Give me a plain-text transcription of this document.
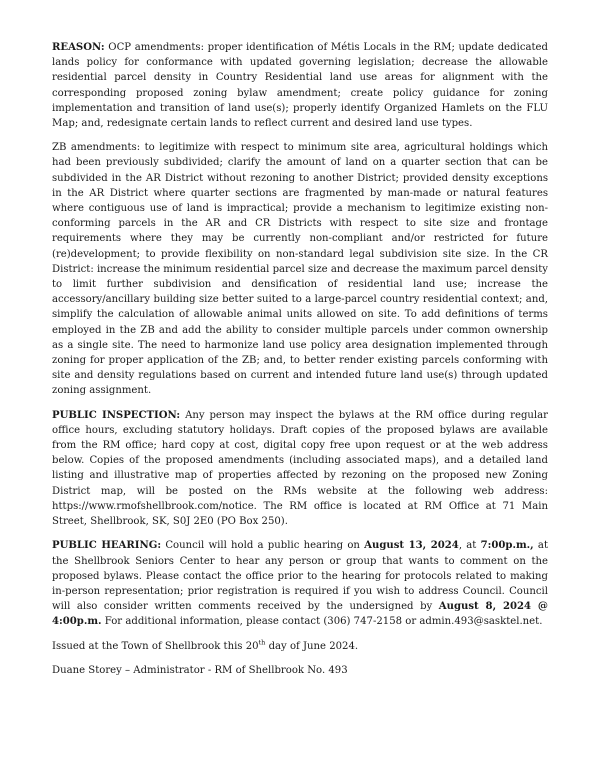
REASON: OCP amendments: proper identification of Métis Locals in the RM; update dedicated lands policy for conformance with updated governing legislation; decrease the allowable residential parcel density in Country Residential land use areas for alignment with the corresponding proposed zoning bylaw amendment; create policy guidance for zoning implementation and transition of land use(s); properly identify Organized Hamlets on the FLU Map; and, redesignate certain lands to reflect current and desired land use types.

ZB amendments: to legitimize with respect to minimum site area, agricultural holdings which had been previously subdivided; clarify the amount of land on a quarter section that can be subdivided in the AR District without rezoning to another District; provided density exceptions in the AR District where quarter sections are fragmented by man-made or natural features where contiguous use of land is impractical; provide a mechanism to legitimize existing non-conforming parcels in the AR and CR Districts with respect to site size and frontage requirements where they may be currently non-compliant and/or restricted for future (re)development; to provide flexibility on non-standard legal subdivision site size. In the CR District: increase the minimum residential parcel size and decrease the maximum parcel density to limit further subdivision and densification of residential land use; increase the accessory/ancillary building size better suited to a large-parcel country residential context; and, simplify the calculation of allowable animal units allowed on site. To add definitions of terms employed in the ZB and add the ability to consider multiple parcels under common ownership as a single site. The need to harmonize land use policy area designation implemented through zoning for proper application of the ZB; and, to better render existing parcels conforming with site and density regulations based on current and intended future land use(s) through updated zoning assignment.

PUBLIC INSPECTION: Any person may inspect the bylaws at the RM office during regular office hours, excluding statutory holidays. Draft copies of the proposed bylaws are available from the RM office; hard copy at cost, digital copy free upon request or at the web address below. Copies of the proposed amendments (including associated maps), and a detailed land listing and illustrative map of properties affected by rezoning on the proposed new Zoning District map, will be posted on the RMs website at the following web address: https://www.rmofshellbrook.com/notice. The RM office is located at RM Office at 71 Main Street, Shellbrook, SK, S0J 2E0 (PO Box 250).

PUBLIC HEARING: Council will hold a public hearing on August 13, 2024, at 7:00p.m., at the Shellbrook Seniors Center to hear any person or group that wants to comment on the proposed bylaws. Please contact the office prior to the hearing for protocols related to making in-person representation; prior registration is required if you wish to address Council. Council will also consider written comments received by the undersigned by August 8, 2024 @ 4:00p.m. For additional information, please contact (306) 747-2158 or admin.493@sasktel.net.

Issued at the Town of Shellbrook this 20th day of June 2024.

Duane Storey – Administrator - RM of Shellbrook No. 493
